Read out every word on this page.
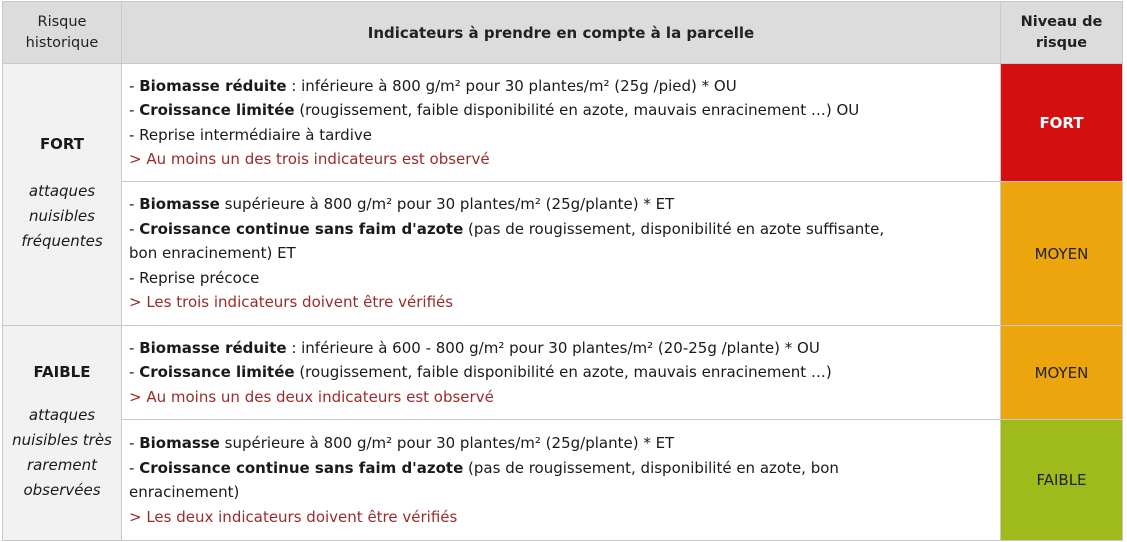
Risque historique	Indicateurs à prendre en compte à la parcelle	Niveau de risque

FORT
attaques nuisibles fréquentes	- Biomasse réduite : inférieure à 800 g/m² pour 30 plantes/m² (25g /pied) * OU
- Croissance limitée (rougissement, faible disponibilité en azote, mauvais enracinement …) OU
- Reprise intermédiaire à tardive
> Au moins un des trois indicateurs est observé	FORT

	- Biomasse supérieure à 800 g/m² pour 30 plantes/m² (25g/plante) * ET
- Croissance continue sans faim d'azote (pas de rougissement, disponibilité en azote suffisante, bon enracinement) ET
- Reprise précoce
> Les trois indicateurs doivent être vérifiés	MOYEN

FAIBLE
attaques nuisibles très rarement observées	- Biomasse réduite : inférieure à 600 - 800 g/m² pour 30 plantes/m² (20-25g /plante) * OU
- Croissance limitée (rougissement, faible disponibilité en azote, mauvais enracinement …)
> Au moins un des deux indicateurs est observé	MOYEN

	- Biomasse supérieure à 800 g/m² pour 30 plantes/m² (25g/plante) * ET
- Croissance continue sans faim d'azote (pas de rougissement, disponibilité en azote, bon enracinement)
> Les deux indicateurs doivent être vérifiés	FAIBLE
